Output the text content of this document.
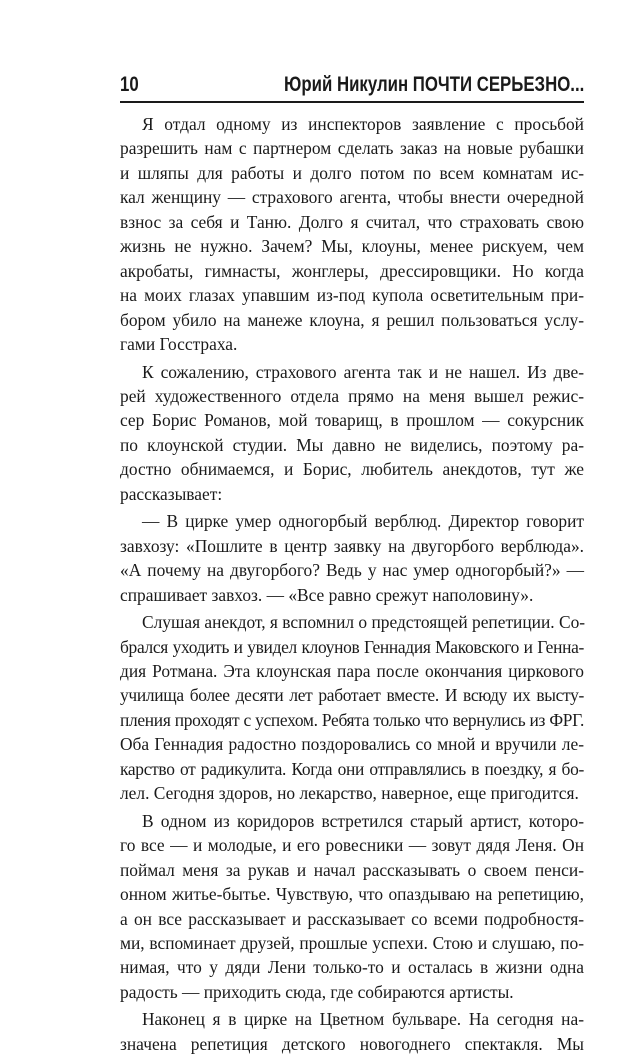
10	Юрий Никулин ПОЧТИ СЕРЬЕЗНО...
Я отдал одному из инспекторов заявление с просьбой
разрешить нам с партнером сделать заказ на новые рубашки
и шляпы для работы и долго потом по всем комнатам ис-
кал женщину — страхового агента, чтобы внести очередной
взнос за себя и Таню. Долго я считал, что страховать свою
жизнь не нужно. Зачем? Мы, клоуны, менее рискуем, чем
акробаты, гимнасты, жонглеры, дрессировщики. Но когда
на моих глазах упавшим из-под купола осветительным при-
бором убило на манеже клоуна, я решил пользоваться услу-
гами Госстраха.
К сожалению, страхового агента так и не нашел. Из две-
рей художественного отдела прямо на меня вышел режис-
сер Борис Романов, мой товарищ, в прошлом — сокурсник
по клоунской студии. Мы давно не виделись, поэтому ра-
достно обнимаемся, и Борис, любитель анекдотов, тут же
рассказывает:
— В цирке умер одногорбый верблюд. Директор говорит
завхозу: «Пошлите в центр заявку на двугорбого верблюда».
«А почему на двугорбого? Ведь у нас умер одногорбый?» —
спрашивает завхоз. — «Все равно срежут наполовину».
Слушая анекдот, я вспомнил о предстоящей репетиции. Со-
брался уходить и увидел клоунов Геннадия Маковского и Генна-
дия Ротмана. Эта клоунская пара после окончания циркового
училища более десяти лет работает вместе. И всюду их высту-
пления проходят с успехом. Ребята только что вернулись из ФРГ.
Оба Геннадия радостно поздоровались со мной и вручили ле-
карство от радикулита. Когда они отправлялись в поездку, я бо-
лел. Сегодня здоров, но лекарство, наверное, еще пригодится.
В одном из коридоров встретился старый артист, которо-
го все — и молодые, и его ровесники — зовут дядя Леня. Он
поймал меня за рукав и начал рассказывать о своем пенси-
онном житье-бытье. Чувствую, что опаздываю на репетицию,
а он все рассказывает и рассказывает со всеми подробностя-
ми, вспоминает друзей, прошлые успехи. Стою и слушаю, по-
нимая, что у дяди Лени только-то и осталась в жизни одна
радость — приходить сюда, где собираются артисты.
Наконец я в цирке на Цветном бульваре. На сегодня на-
значена репетиция детского новогоднего спектакля. Мы
